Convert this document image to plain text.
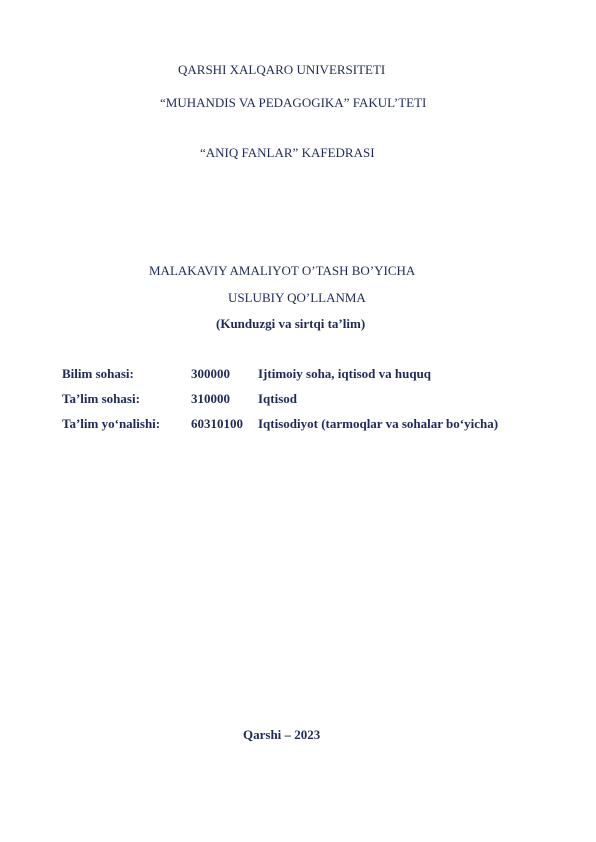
QARSHI XALQARO UNIVERSITETI
“MUHANDIS VA PEDAGOGIKA” FAKUL’TETI
“ANIQ FANLAR” KAFEDRASI
MALAKAVIY AMALIYOT O’TASH BO’YICHA
USLUBIY QO’LLANMA
(Kunduzgi va sirtqi ta’lim)
Bilim sohasi:	300000 Ijtimoiy soha, iqtisod va huquq
Ta’lim sohasi:	310000 Iqtisod
Ta’lim yo‘nalishi: 60310100 Iqtisodiyot (tarmoqlar va sohalar bo‘yicha)
Qarshi – 2023
